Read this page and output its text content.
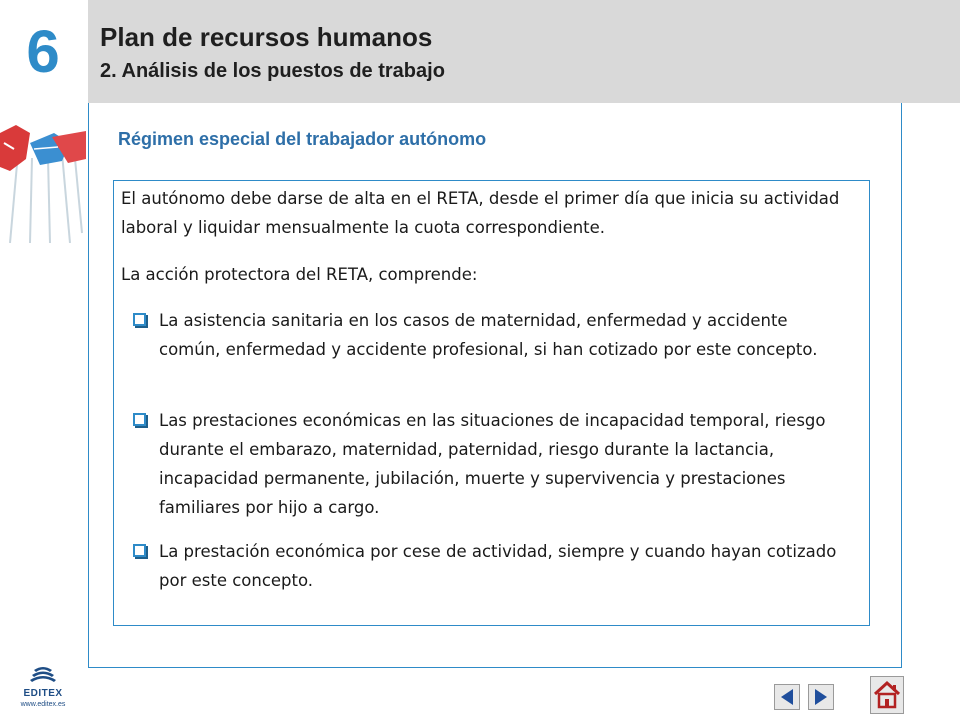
6	Plan de recursos humanos
2. Análisis de los puestos de trabajo
Régimen especial del trabajador autónomo

El autónomo debe darse de alta en el RETA, desde el primer día que inicia su actividad laboral y liquidar mensualmente la cuota correspondiente.

La acción protectora del RETA, comprende:

La asistencia sanitaria en los casos de maternidad, enfermedad y accidente común, enfermedad y accidente profesional, si han cotizado por este concepto.

Las prestaciones económicas en las situaciones de incapacidad temporal, riesgo durante el embarazo, maternidad, paternidad, riesgo durante la lactancia, incapacidad permanente, jubilación, muerte y supervivencia y prestaciones familiares por hijo a cargo.

La prestación económica por cese de actividad, siempre y cuando hayan cotizado por este concepto.

EDITEX
www.editex.es
